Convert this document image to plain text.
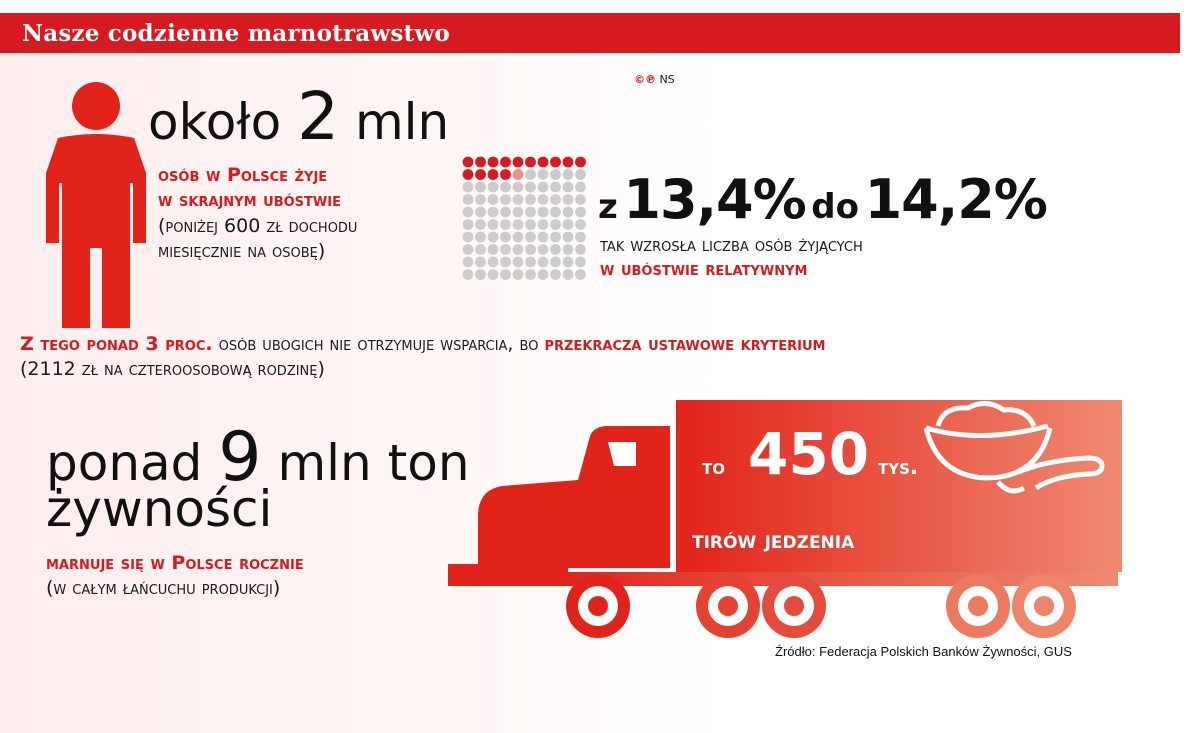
Nasze codzienne marnotrawstwo
©℗ NS
około 2 mln
osób w Polsce żyje
w skrajnym ubóstwie
(poniżej 600 zł dochodu
miesięcznie na osobę)
z 13,4% do 14,2%
tak wzrosła liczba osób żyjących
w ubóstwie relatywnym
Z tego ponad 3 proc. osób ubogich nie otrzymuje wsparcia, bo przekracza ustawowe kryterium
(2112 zł na czteroosobową rodzinę)
ponad 9 mln ton
żywności
marnuje się w Polsce rocznie
(w całym łańcuchu produkcji)
to 450 tys.
tirów jedzenia
Źródło: Federacja Polskich Banków Żywności, GUS
